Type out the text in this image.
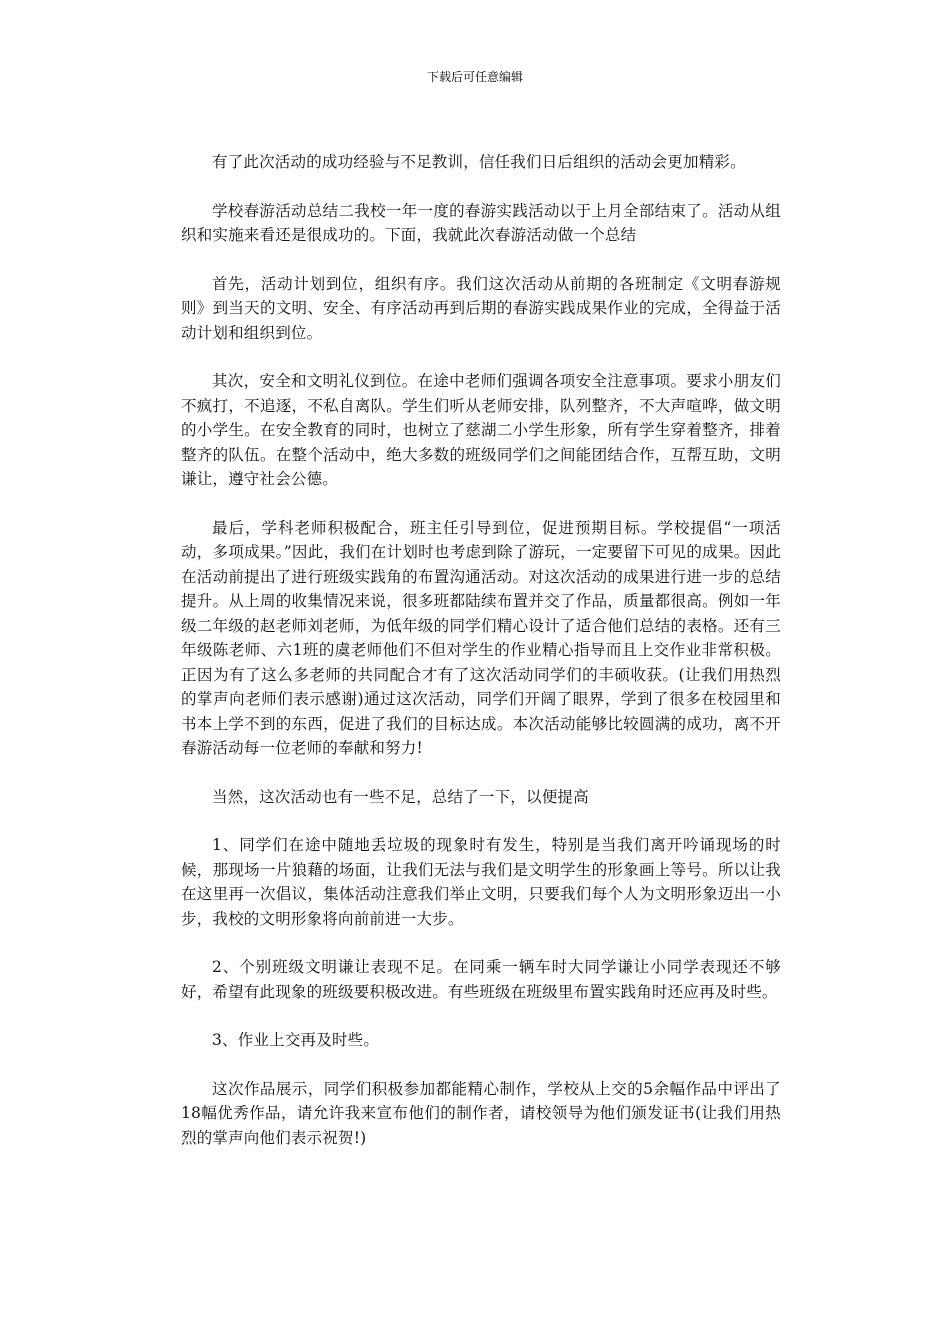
下载后可任意编辑

有了此次活动的成功经验与不足教训，信任我们日后组织的活动会更加精彩。

学校春游活动总结二我校一年一度的春游实践活动以于上月全部结束了。活动从组织和实施来看还是很成功的。下面，我就此次春游活动做一个总结

首先，活动计划到位，组织有序。我们这次活动从前期的各班制定《文明春游规则》到当天的文明、安全、有序活动再到后期的春游实践成果作业的完成，全得益于活动计划和组织到位。

其次，安全和文明礼仪到位。在途中老师们强调各项安全注意事项。要求小朋友们不疯打，不追逐，不私自离队。学生们听从老师安排，队列整齐，不大声喧哗，做文明的小学生。在安全教育的同时，也树立了慈湖二小学生形象，所有学生穿着整齐，排着整齐的队伍。在整个活动中，绝大多数的班级同学们之间能团结合作，互帮互助，文明谦让，遵守社会公德。

最后，学科老师积极配合，班主任引导到位，促进预期目标。学校提倡“一项活动，多项成果。”因此，我们在计划时也考虑到除了游玩，一定要留下可见的成果。因此在活动前提出了进行班级实践角的布置沟通活动。对这次活动的成果进行进一步的总结提升。从上周的收集情况来说，很多班都陆续布置并交了作品，质量都很高。例如一年级二年级的赵老师刘老师，为低年级的同学们精心设计了适合他们总结的表格。还有三年级陈老师、六1班的虞老师他们不但对学生的作业精心指导而且上交作业非常积极。正因为有了这么多老师的共同配合才有了这次活动同学们的丰硕收获。(让我们用热烈的掌声向老师们表示感谢)通过这次活动，同学们开阔了眼界，学到了很多在校园里和书本上学不到的东西，促进了我们的目标达成。本次活动能够比较圆满的成功，离不开春游活动每一位老师的奉献和努力!

当然，这次活动也有一些不足，总结了一下，以便提高

1、同学们在途中随地丢垃圾的现象时有发生，特别是当我们离开吟诵现场的时候，那现场一片狼藉的场面，让我们无法与我们是文明学生的形象画上等号。所以让我在这里再一次倡议，集体活动注意我们举止文明，只要我们每个人为文明形象迈出一小步，我校的文明形象将向前前进一大步。

2、个别班级文明谦让表现不足。在同乘一辆车时大同学谦让小同学表现还不够好，希望有此现象的班级要积极改进。有些班级在班级里布置实践角时还应再及时些。

3、作业上交再及时些。

这次作品展示，同学们积极参加都能精心制作，学校从上交的5余幅作品中评出了18幅优秀作品，请允许我来宣布他们的制作者，请校领导为他们颁发证书(让我们用热烈的掌声向他们表示祝贺!)
